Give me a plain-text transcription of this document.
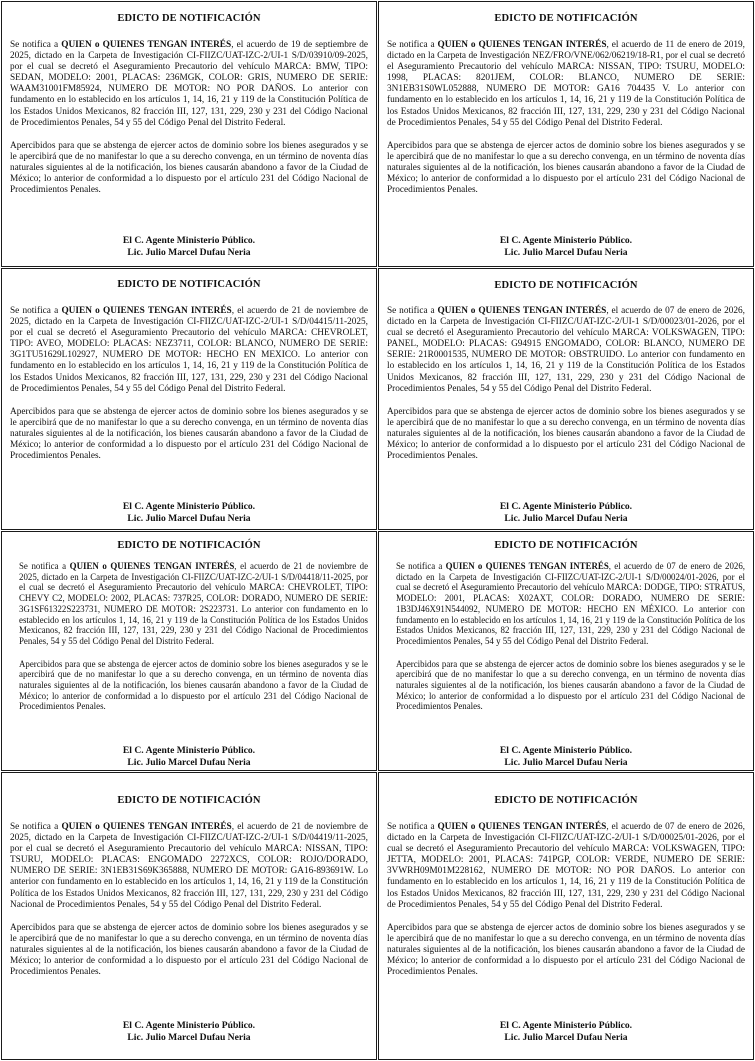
EDICTO DE NOTIFICACIÓN

Se notifica a QUIEN o QUIENES TENGAN INTERÉS, el acuerdo de 19 de septiembre de 2025, dictado en la Carpeta de Investigación CI-FIIZC/UAT-IZC-2/UI-1 S/D/03910/09-2025, por el cual se decretó el Aseguramiento Precautorio del vehículo MARCA: BMW, TIPO: SEDAN, MODELO: 2001, PLACAS: 236MGK, COLOR: GRIS, NUMERO DE SERIE: WAAM31001FM85924, NUMERO DE MOTOR: NO POR DAÑOS. Lo anterior con fundamento en lo establecido en los artículos 1, 14, 16, 21 y 119 de la Constitución Política de los Estados Unidos Mexicanos, 82 fracción III, 127, 131, 229, 230 y 231 del Código Nacional de Procedimientos Penales, 54 y 55 del Código Penal del Distrito Federal.

Apercibidos para que se abstenga de ejercer actos de dominio sobre los bienes asegurados y se le apercibirá que de no manifestar lo que a su derecho convenga, en un término de noventa días naturales siguientes al de la notificación, los bienes causarán abandono a favor de la Ciudad de México; lo anterior de conformidad a lo dispuesto por el artículo 231 del Código Nacional de Procedimientos Penales.

El C. Agente Ministerio Público.
Lic. Julio Marcel Dufau Neria
EDICTO DE NOTIFICACIÓN

Se notifica a QUIEN o QUIENES TENGAN INTERÉS, el acuerdo de 11 de enero de 2019, dictado en la Carpeta de Investigación NEZ/FRO/VNE/062/06219/18-R1, por el cual se decretó el Aseguramiento Precautorio del vehículo MARCA: NISSAN, TIPO: TSURU, MODELO: 1998, PLACAS: 8201JEM, COLOR: BLANCO, NUMERO DE SERIE: 3N1EB31S0WL052888, NUMERO DE MOTOR: GA16 704435 V. Lo anterior con fundamento en lo establecido en los artículos 1, 14, 16, 21 y 119 de la Constitución Política de los Estados Unidos Mexicanos, 82 fracción III, 127, 131, 229, 230 y 231 del Código Nacional de Procedimientos Penales, 54 y 55 del Código Penal del Distrito Federal.

Apercibidos para que se abstenga de ejercer actos de dominio sobre los bienes asegurados y se le apercibirá que de no manifestar lo que a su derecho convenga, en un término de noventa días naturales siguientes al de la notificación, los bienes causarán abandono a favor de la Ciudad de México; lo anterior de conformidad a lo dispuesto por el artículo 231 del Código Nacional de Procedimientos Penales.

El C. Agente Ministerio Público.
Lic. Julio Marcel Dufau Neria
EDICTO DE NOTIFICACIÓN

Se notifica a QUIEN o QUIENES TENGAN INTERÉS, el acuerdo de 21 de noviembre de 2025, dictado en la Carpeta de Investigación CI-FIIZC/UAT-IZC-2/UI-1 S/D/04415/11-2025, por el cual se decretó el Aseguramiento Precautorio del vehículo MARCA: CHEVROLET, TIPO: AVEO, MODELO: PLACAS: NEZ3711, COLOR: BLANCO, NUMERO DE SERIE: 3G1TU51629L102927, NUMERO DE MOTOR: HECHO EN MEXICO. Lo anterior con fundamento en lo establecido en los artículos 1, 14, 16, 21 y 119 de la Constitución Política de los Estados Unidos Mexicanos, 82 fracción III, 127, 131, 229, 230 y 231 del Código Nacional de Procedimientos Penales, 54 y 55 del Código Penal del Distrito Federal.

Apercibidos para que se abstenga de ejercer actos de dominio sobre los bienes asegurados y se le apercibirá que de no manifestar lo que a su derecho convenga, en un término de noventa días naturales siguientes al de la notificación, los bienes causarán abandono a favor de la Ciudad de México; lo anterior de conformidad a lo dispuesto por el artículo 231 del Código Nacional de Procedimientos Penales.

El C. Agente Ministerio Público.
Lic. Julio Marcel Dufau Neria
EDICTO DE NOTIFICACIÓN

Se notifica a QUIEN o QUIENES TENGAN INTERÉS, el acuerdo de 07 de enero de 2026, dictado en la Carpeta de Investigación CI-FIIZC/UAT-IZC-2/UI-1 S/D/00023/01-2026, por el cual se decretó el Aseguramiento Precautorio del vehículo MARCA: VOLKSWAGEN, TIPO: PANEL, MODELO: PLACAS: G94915 ENGOMADO, COLOR: BLANCO, NUMERO DE SERIE: 21R0001535, NUMERO DE MOTOR: OBSTRUIDO. Lo anterior con fundamento en lo establecido en los artículos 1, 14, 16, 21 y 119 de la Constitución Política de los Estados Unidos Mexicanos, 82 fracción III, 127, 131, 229, 230 y 231 del Código Nacional de Procedimientos Penales, 54 y 55 del Código Penal del Distrito Federal.

Apercibidos para que se abstenga de ejercer actos de dominio sobre los bienes asegurados y se le apercibirá que de no manifestar lo que a su derecho convenga, en un término de noventa días naturales siguientes al de la notificación, los bienes causarán abandono a favor de la Ciudad de México; lo anterior de conformidad a lo dispuesto por el artículo 231 del Código Nacional de Procedimientos Penales.

El C. Agente Ministerio Público.
Lic. Julio Marcel Dufau Neria
EDICTO DE NOTIFICACIÓN

Se notifica a QUIEN o QUIENES TENGAN INTERÉS, el acuerdo de 21 de noviembre de 2025, dictado en la Carpeta de Investigación CI-FIIZC/UAT-IZC-2/UI-1 S/D/04418/11-2025, por el cual se decretó el Aseguramiento Precautorio del vehículo MARCA: CHEVROLET, TIPO: CHEVY C2, MODELO: 2002, PLACAS: 737R25, COLOR: DORADO, NUMERO DE SERIE: 3G1SF61322S223731, NUMERO DE MOTOR: 2S223731. Lo anterior con fundamento en lo establecido en los artículos 1, 14, 16, 21 y 119 de la Constitución Política de los Estados Unidos Mexicanos, 82 fracción III, 127, 131, 229, 230 y 231 del Código Nacional de Procedimientos Penales, 54 y 55 del Código Penal del Distrito Federal.

Apercibidos para que se abstenga de ejercer actos de dominio sobre los bienes asegurados y se le apercibirá que de no manifestar lo que a su derecho convenga, en un término de noventa días naturales siguientes al de la notificación, los bienes causarán abandono a favor de la Ciudad de México; lo anterior de conformidad a lo dispuesto por el artículo 231 del Código Nacional de Procedimientos Penales.

El C. Agente Ministerio Público.
Lic. Julio Marcel Dufau Neria
EDICTO DE NOTIFICACIÓN

Se notifica a QUIEN o QUIENES TENGAN INTERÉS, el acuerdo de 07 de enero de 2026, dictado en la Carpeta de Investigación CI-FIIZC/UAT-IZC-2/UI-1 S/D/00024/01-2026, por el cual se decretó el Aseguramiento Precautorio del vehículo MARCA: DODGE, TIPO: STRATUS, MODELO: 2001, PLACAS: X02AXT, COLOR: DORADO, NUMERO DE SERIE: 1B3DJ46X91N544092, NUMERO DE MOTOR: HECHO EN MÉXICO. Lo anterior con fundamento en lo establecido en los artículos 1, 14, 16, 21 y 119 de la Constitución Política de los Estados Unidos Mexicanos, 82 fracción III, 127, 131, 229, 230 y 231 del Código Nacional de Procedimientos Penales, 54 y 55 del Código Penal del Distrito Federal.

Apercibidos para que se abstenga de ejercer actos de dominio sobre los bienes asegurados y se le apercibirá que de no manifestar lo que a su derecho convenga, en un término de noventa días naturales siguientes al de la notificación, los bienes causarán abandono a favor de la Ciudad de México; lo anterior de conformidad a lo dispuesto por el artículo 231 del Código Nacional de Procedimientos Penales.

El C. Agente Ministerio Público.
Lic. Julio Marcel Dufau Neria
EDICTO DE NOTIFICACIÓN

Se notifica a QUIEN o QUIENES TENGAN INTERÉS, el acuerdo de 21 de noviembre de 2025, dictado en la Carpeta de Investigación CI-FIIZC/UAT-IZC-2/UI-1 S/D/04419/11-2025, por el cual se decretó el Aseguramiento Precautorio del vehículo MARCA: NISSAN, TIPO: TSURU, MODELO: PLACAS: ENGOMADO 2272XCS, COLOR: ROJO/DORADO, NUMERO DE SERIE: 3N1EB31S69K365888, NUMERO DE MOTOR: GA16-893691W. Lo anterior con fundamento en lo establecido en los artículos 1, 14, 16, 21 y 119 de la Constitución Política de los Estados Unidos Mexicanos, 82 fracción III, 127, 131, 229, 230 y 231 del Código Nacional de Procedimientos Penales, 54 y 55 del Código Penal del Distrito Federal.

Apercibidos para que se abstenga de ejercer actos de dominio sobre los bienes asegurados y se le apercibirá que de no manifestar lo que a su derecho convenga, en un término de noventa días naturales siguientes al de la notificación, los bienes causarán abandono a favor de la Ciudad de México; lo anterior de conformidad a lo dispuesto por el artículo 231 del Código Nacional de Procedimientos Penales.

El C. Agente Ministerio Público.
Lic. Julio Marcel Dufau Neria
EDICTO DE NOTIFICACIÓN

Se notifica a QUIEN o QUIENES TENGAN INTERÉS, el acuerdo de 07 de enero de 2026, dictado en la Carpeta de Investigación CI-FIIZC/UAT-IZC-2/UI-1 S/D/00025/01-2026, por el cual se decretó el Aseguramiento Precautorio del vehículo MARCA: VOLKSWAGEN, TIPO: JETTA, MODELO: 2001, PLACAS: 741PGP, COLOR: VERDE, NUMERO DE SERIE: 3VWRH09M01M228162, NUMERO DE MOTOR: NO POR DAÑOS. Lo anterior con fundamento en lo establecido en los artículos 1, 14, 16, 21 y 119 de la Constitución Política de los Estados Unidos Mexicanos, 82 fracción III, 127, 131, 229, 230 y 231 del Código Nacional de Procedimientos Penales, 54 y 55 del Código Penal del Distrito Federal.

Apercibidos para que se abstenga de ejercer actos de dominio sobre los bienes asegurados y se le apercibirá que de no manifestar lo que a su derecho convenga, en un término de noventa días naturales siguientes al de la notificación, los bienes causarán abandono a favor de la Ciudad de México; lo anterior de conformidad a lo dispuesto por el artículo 231 del Código Nacional de Procedimientos Penales.

El C. Agente Ministerio Público.
Lic. Julio Marcel Dufau Neria
